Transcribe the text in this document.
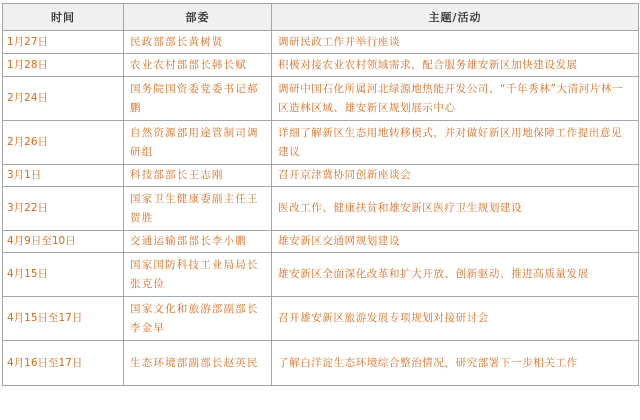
时间	部委	主题/活动
1月27日	民政部部长黄树贤	调研民政工作并举行座谈
1月28日	农业农村部部长韩长赋	积极对接农业农村领域需求，配合服务雄安新区加快建设发展
2月24日	国务院国资委党委书记郝鹏	调研中国石化所属河北绿源地热能开发公司、“千年秀林”大清河片林一区造林区域、雄安新区规划展示中心
2月26日	自然资源部用途管制司调研组	详细了解新区生态用地转移模式，并对做好新区用地保障工作提出意见建议
3月1日	科技部部长王志刚	召开京津冀协同创新座谈会
3月22日	国家卫生健康委副主任王贺胜	医改工作、健康扶贫和雄安新区医疗卫生规划建设
4月9日至10日	交通运输部部长李小鹏	雄安新区交通网规划建设
4月15日	国家国防科技工业局局长张克俭	雄安新区全面深化改革和扩大开放、创新驱动、推进高质量发展
4月15日至17日	国家文化和旅游部副部长李金早	召开雄安新区旅游发展专项规划对接研讨会
4月16日至17日	生态环境部副部长赵英民	了解白洋淀生态环境综合整治情况，研究部署下一步相关工作
